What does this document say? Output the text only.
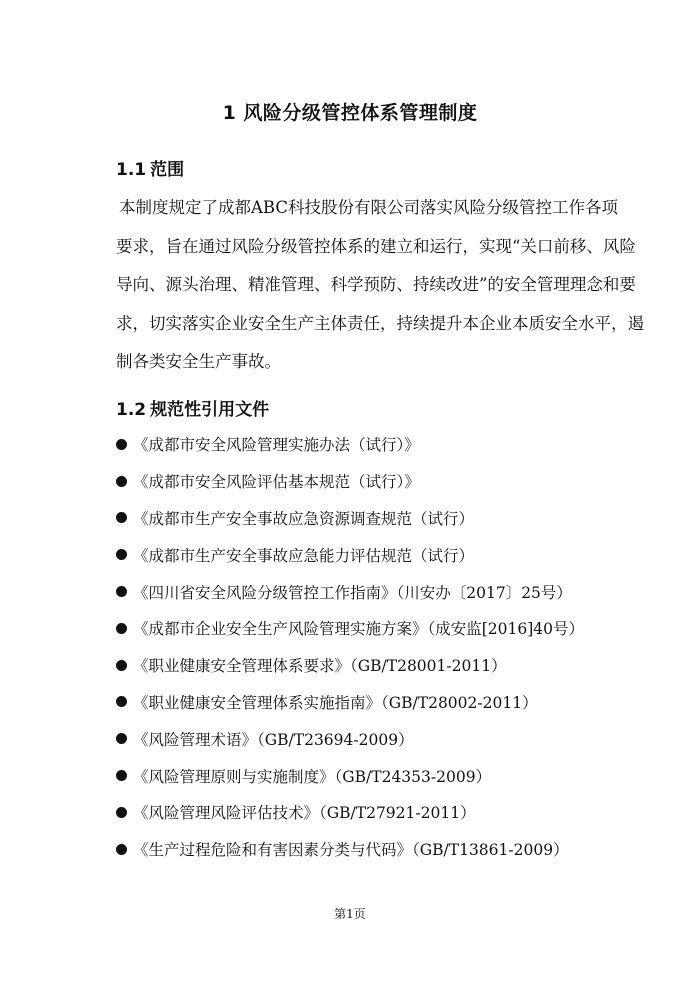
1 风险分级管控体系管理制度
1.1 范围
本制度规定了成都ABC科技股份有限公司落实风险分级管控工作各项
要求，旨在通过风险分级管控体系的建立和运行，实现“关口前移、风险
导向、源头治理、精准管理、科学预防、持续改进”的安全管理理念和要
求，切实落实企业安全生产主体责任，持续提升本企业本质安全水平，遏
制各类安全生产事故。
1.2 规范性引用文件
《成都市安全风险管理实施办法（试行）》
《成都市安全风险评估基本规范（试行）》
《成都市生产安全事故应急资源调查规范（试行）
《成都市生产安全事故应急能力评估规范（试行）
《四川省安全风险分级管控工作指南》（川安办〔2017〕25号）
《成都市企业安全生产风险管理实施方案》（成安监[2016]40号）
《职业健康安全管理体系要求》（GB/T28001-2011）
《职业健康安全管理体系实施指南》（GB/T28002-2011）
《风险管理术语》（GB/T23694-2009）
《风险管理原则与实施制度》（GB/T24353-2009）
《风险管理风险评估技术》（GB/T27921-2011）
《生产过程危险和有害因素分类与代码》（GB/T13861-2009）
第1页
